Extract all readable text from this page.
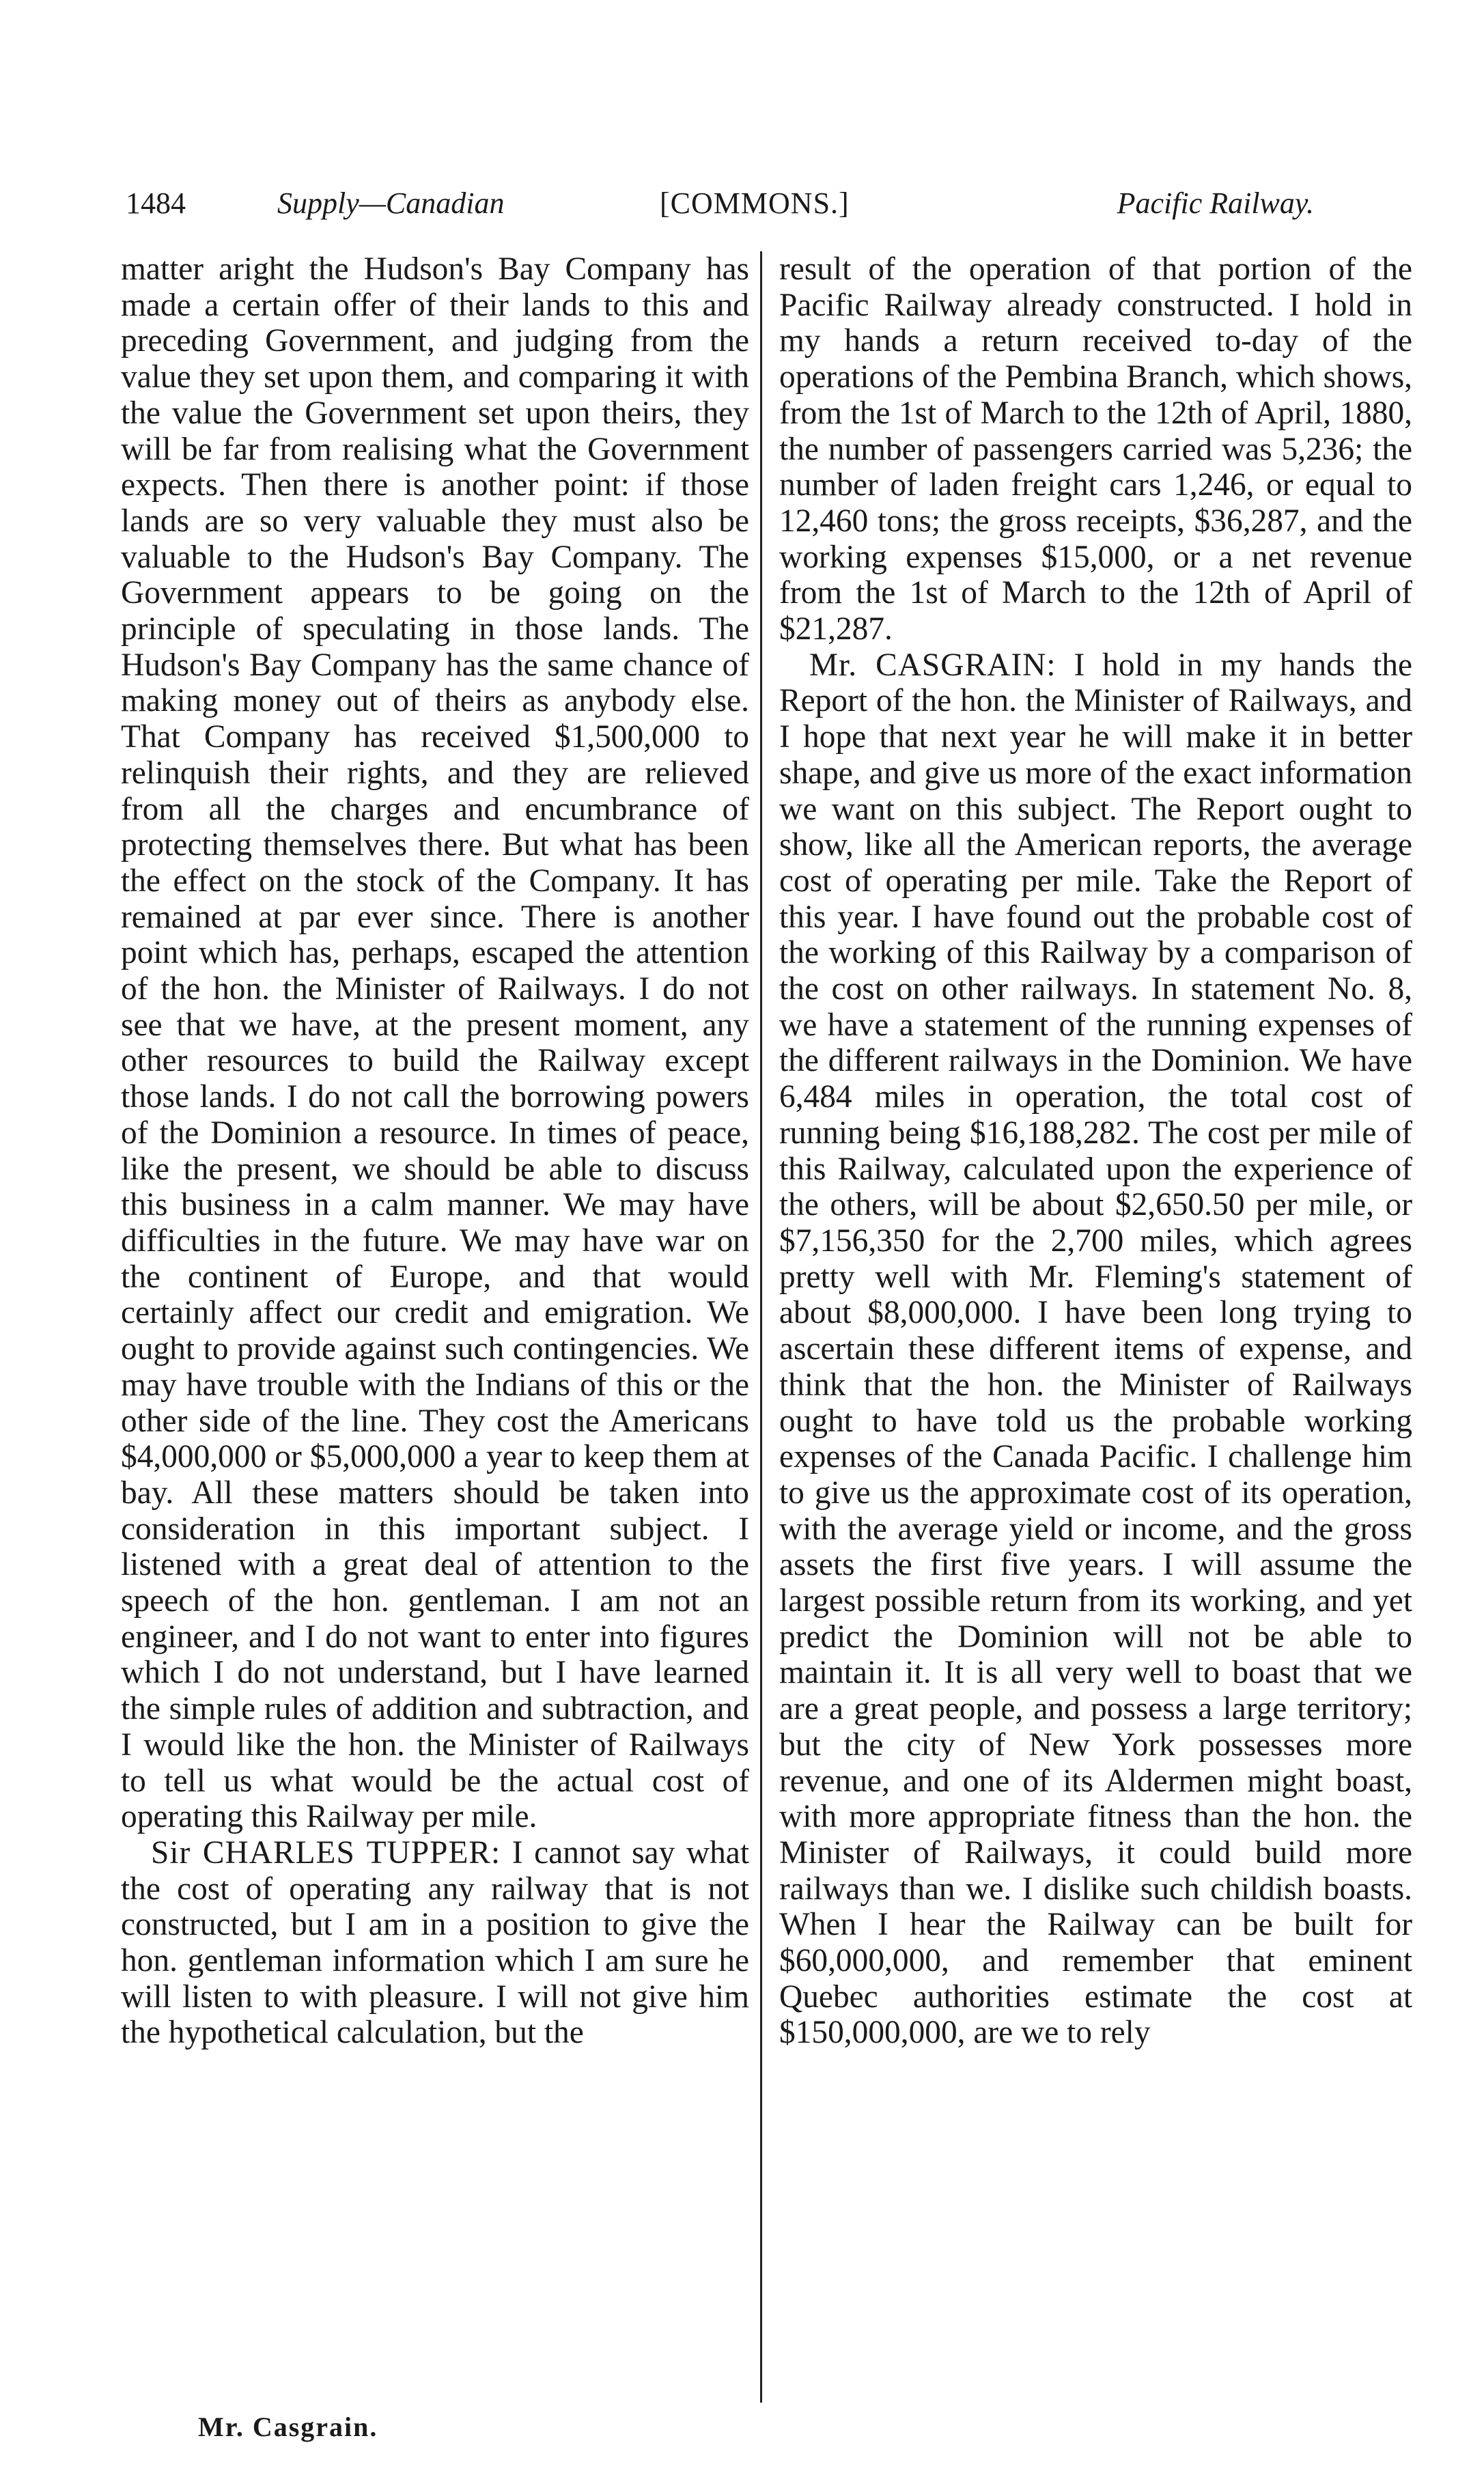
1484	Supply—Canadian	[COMMONS.]	Pacific Railway.

matter aright the Hudson's Bay Company has made a certain offer of their lands to this and preceding Government, and judging from the value they set upon them, and comparing it with the value the Government set upon theirs, they will be far from realising what the Government expects. Then there is another point: if those lands are so very valuable they must also be valuable to the Hudson's Bay Company. The Government appears to be going on the principle of speculating in those lands. The Hudson's Bay Company has the same chance of making money out of theirs as anybody else. That Company has received $1,500,000 to relinquish their rights, and they are relieved from all the charges and encumbrance of protecting themselves there. But what has been the effect on the stock of the Company. It has remained at par ever since. There is another point which has, perhaps, escaped the attention of the hon. the Minister of Railways. I do not see that we have, at the present moment, any other resources to build the Railway except those lands. I do not call the borrowing powers of the Dominion a resource. In times of peace, like the present, we should be able to discuss this business in a calm manner. We may have difficulties in the future. We may have war on the continent of Europe, and that would certainly affect our credit and emigration. We ought to provide against such contingencies. We may have trouble with the Indians of this or the other side of the line. They cost the Americans $4,000,000 or $5,000,000 a year to keep them at bay. All these matters should be taken into consideration in this important subject. I listened with a great deal of attention to the speech of the hon. gentleman. I am not an engineer, and I do not want to enter into figures which I do not understand, but I have learned the simple rules of addition and subtraction, and I would like the hon. the Minister of Railways to tell us what would be the actual cost of operating this Railway per mile.

Sir CHARLES TUPPER: I cannot say what the cost of operating any railway that is not constructed, but I am in a position to give the hon. gentleman information which I am sure he will listen to with pleasure. I will not give him the hypothetical calculation, but the

result of the operation of that portion of the Pacific Railway already constructed. I hold in my hands a return received to-day of the operations of the Pembina Branch, which shows, from the 1st of March to the 12th of April, 1880, the number of passengers carried was 5,236; the number of laden freight cars 1,246, or equal to 12,460 tons; the gross receipts, $36,287, and the working expenses $15,000, or a net revenue from the 1st of March to the 12th of April of $21,287.

Mr. CASGRAIN: I hold in my hands the Report of the hon. the Minister of Railways, and I hope that next year he will make it in better shape, and give us more of the exact information we want on this subject. The Report ought to show, like all the American reports, the average cost of operating per mile. Take the Report of this year. I have found out the probable cost of the working of this Railway by a comparison of the cost on other railways. In statement No. 8, we have a statement of the running expenses of the different railways in the Dominion. We have 6,484 miles in operation, the total cost of running being $16,188,282. The cost per mile of this Railway, calculated upon the experience of the others, will be about $2,650.50 per mile, or $7,156,350 for the 2,700 miles, which agrees pretty well with Mr. Fleming's statement of about $8,000,000. I have been long trying to ascertain these different items of expense, and think that the hon. the Minister of Railways ought to have told us the probable working expenses of the Canada Pacific. I challenge him to give us the approximate cost of its operation, with the average yield or income, and the gross assets the first five years. I will assume the largest possible return from its working, and yet predict the Dominion will not be able to maintain it. It is all very well to boast that we are a great people, and possess a large territory; but the city of New York possesses more revenue, and one of its Aldermen might boast, with more appropriate fitness than the hon. the Minister of Railways, it could build more railways than we. I dislike such childish boasts. When I hear the Railway can be built for $60,000,000, and remember that eminent Quebec authorities estimate the cost at $150,000,000, are we to rely

Mr. Casgrain.
